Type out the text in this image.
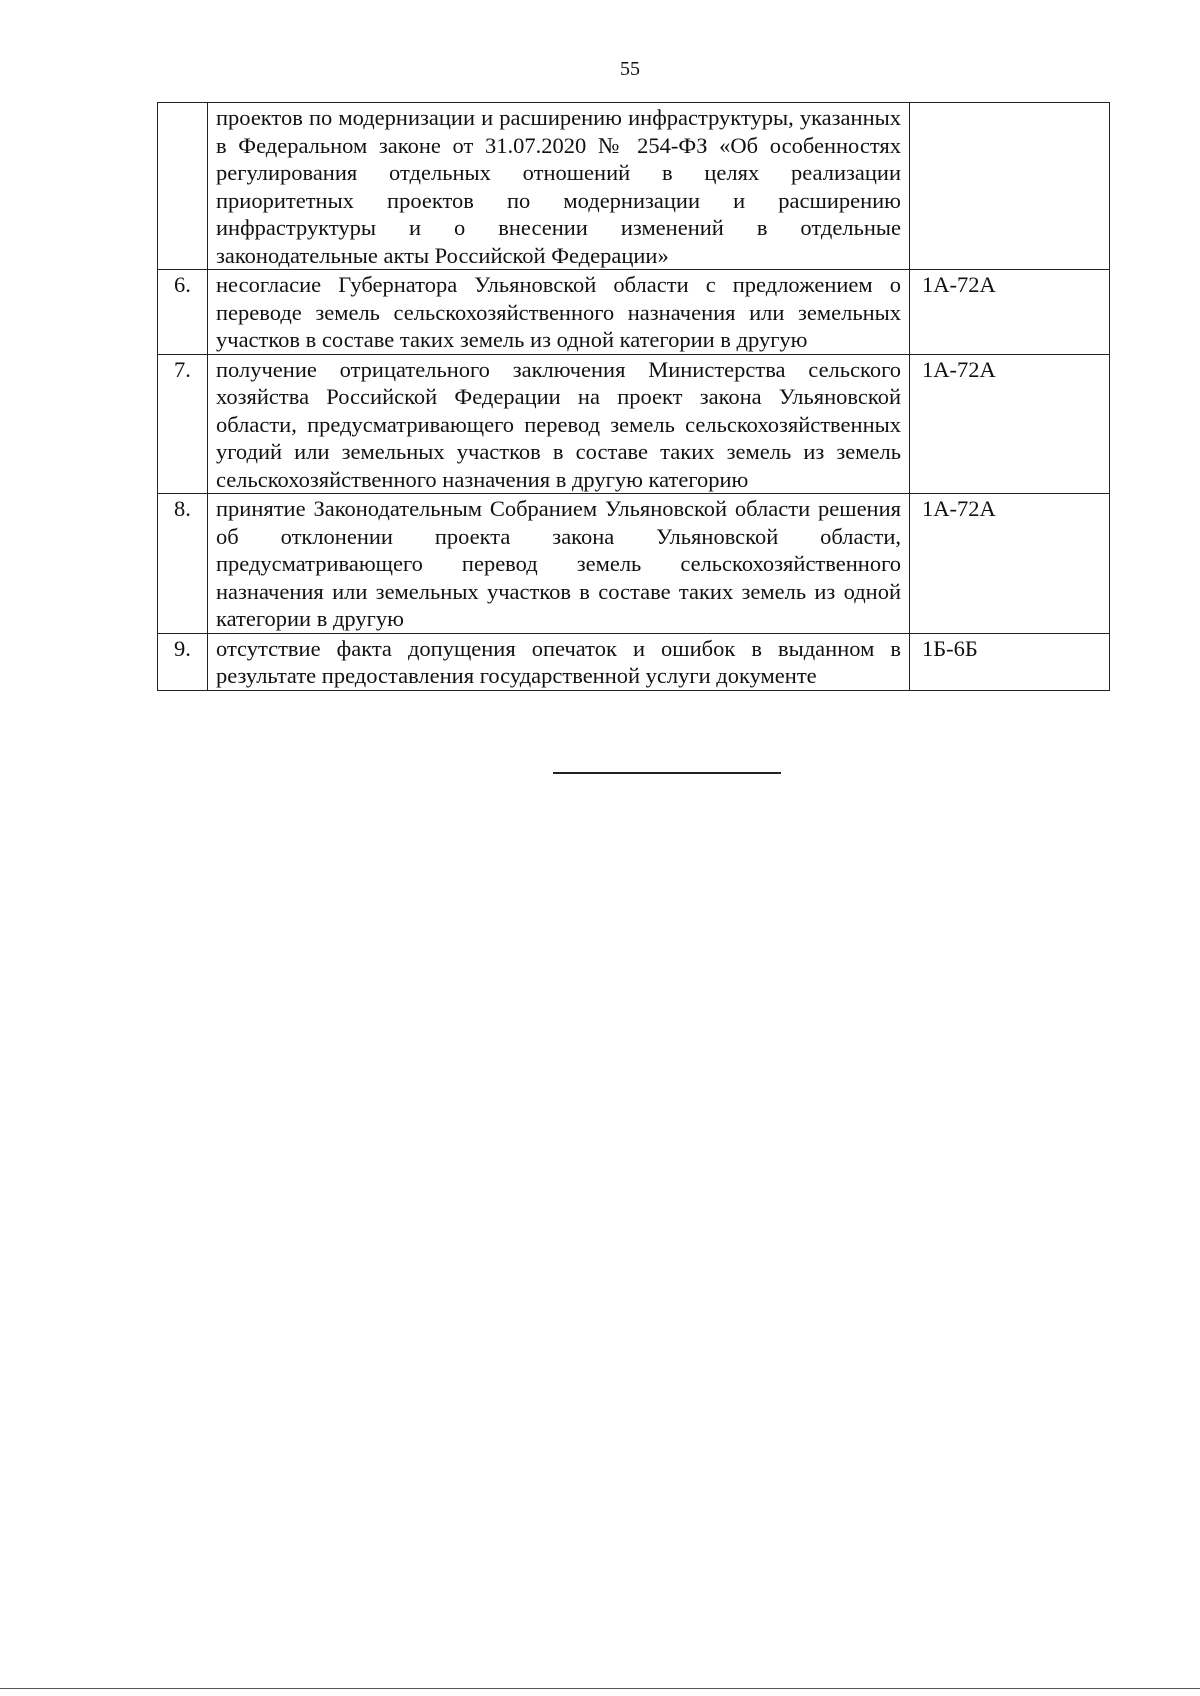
55
	проектов по модернизации и расширению инфраструктуры, указанных в Федеральном законе от 31.07.2020 № 254-ФЗ «Об особенностях регулирования отдельных отношений в целях реализации приоритетных проектов по модернизации и расширению инфраструктуры и о внесении изменений в отдельные законодательные акты Российской Федерации»	
6.	несогласие Губернатора Ульяновской области с предложением о переводе земель сельскохозяйственного назначения или земельных участков в составе таких земель из одной категории в другую	1А-72А
7.	получение отрицательного заключения Министерства сельского хозяйства Российской Федерации на проект закона Ульяновской области, предусматривающего перевод земель сельскохозяйственных угодий или земельных участков в составе таких земель из земель сельскохозяйственного назначения в другую категорию	1А-72А
8.	принятие Законодательным Собранием Ульяновской области решения об отклонении проекта закона Ульяновской области, предусматривающего перевод земель сельскохозяйственного назначения или земельных участков в составе таких земель из одной категории в другую	1А-72А
9.	отсутствие факта допущения опечаток и ошибок в выданном в результате предоставления государственной услуги документе	1Б-6Б
